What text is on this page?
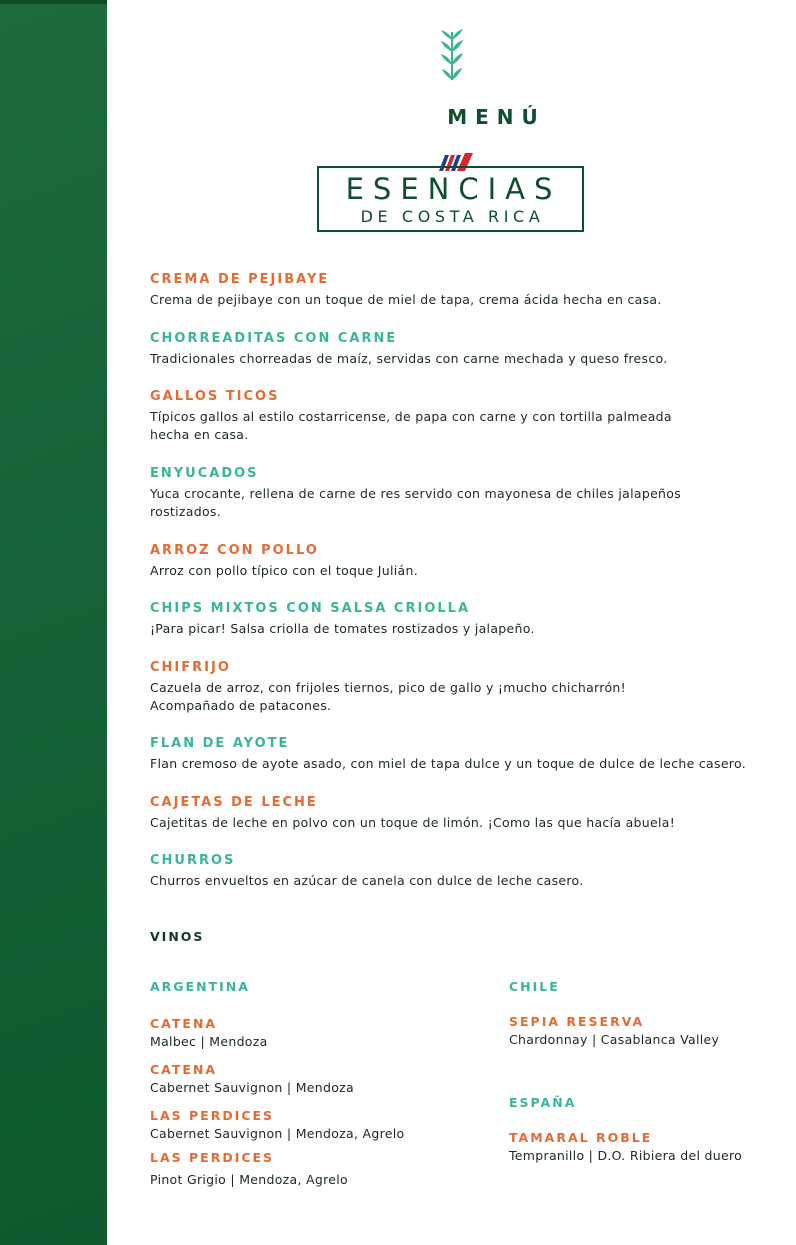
MENÚ
ESENCIAS
DE COSTA RICA
CREMA DE PEJIBAYE
Crema de pejibaye con un toque de miel de tapa, crema ácida hecha en casa.
CHORREADITAS CON CARNE
Tradicionales chorreadas de maíz, servidas con carne mechada y queso fresco.
GALLOS TICOS
Típicos gallos al estilo costarricense, de papa con carne y con tortilla palmeada
hecha en casa.
ENYUCADOS
Yuca crocante, rellena de carne de res servido con mayonesa de chiles jalapeños
rostizados.
ARROZ CON POLLO
Arroz con pollo típico con el toque Julián.
CHIPS MIXTOS CON SALSA CRIOLLA
¡Para picar! Salsa criolla de tomates rostizados y jalapeño.
CHIFRIJO
Cazuela de arroz, con frijoles tiernos, pico de gallo y ¡mucho chicharrón!
Acompañado de patacones.
FLAN DE AYOTE
Flan cremoso de ayote asado, con miel de tapa dulce y un toque de dulce de leche casero.
CAJETAS DE LECHE
Cajetitas de leche en polvo con un toque de limón. ¡Como las que hacía abuela!
CHURROS
Churros envueltos en azúcar de canela con dulce de leche casero.
VINOS
ARGENTINA
CATENA
Malbec | Mendoza
CATENA
Cabernet Sauvignon | Mendoza
LAS PERDICES
Cabernet Sauvignon | Mendoza, Agrelo
LAS PERDICES
Pinot Grigio | Mendoza, Agrelo
CHILE
SEPIA RESERVA
Chardonnay | Casablanca Valley
ESPAÑA
TAMARAL ROBLE
Tempranillo | D.O. Ribiera del duero
